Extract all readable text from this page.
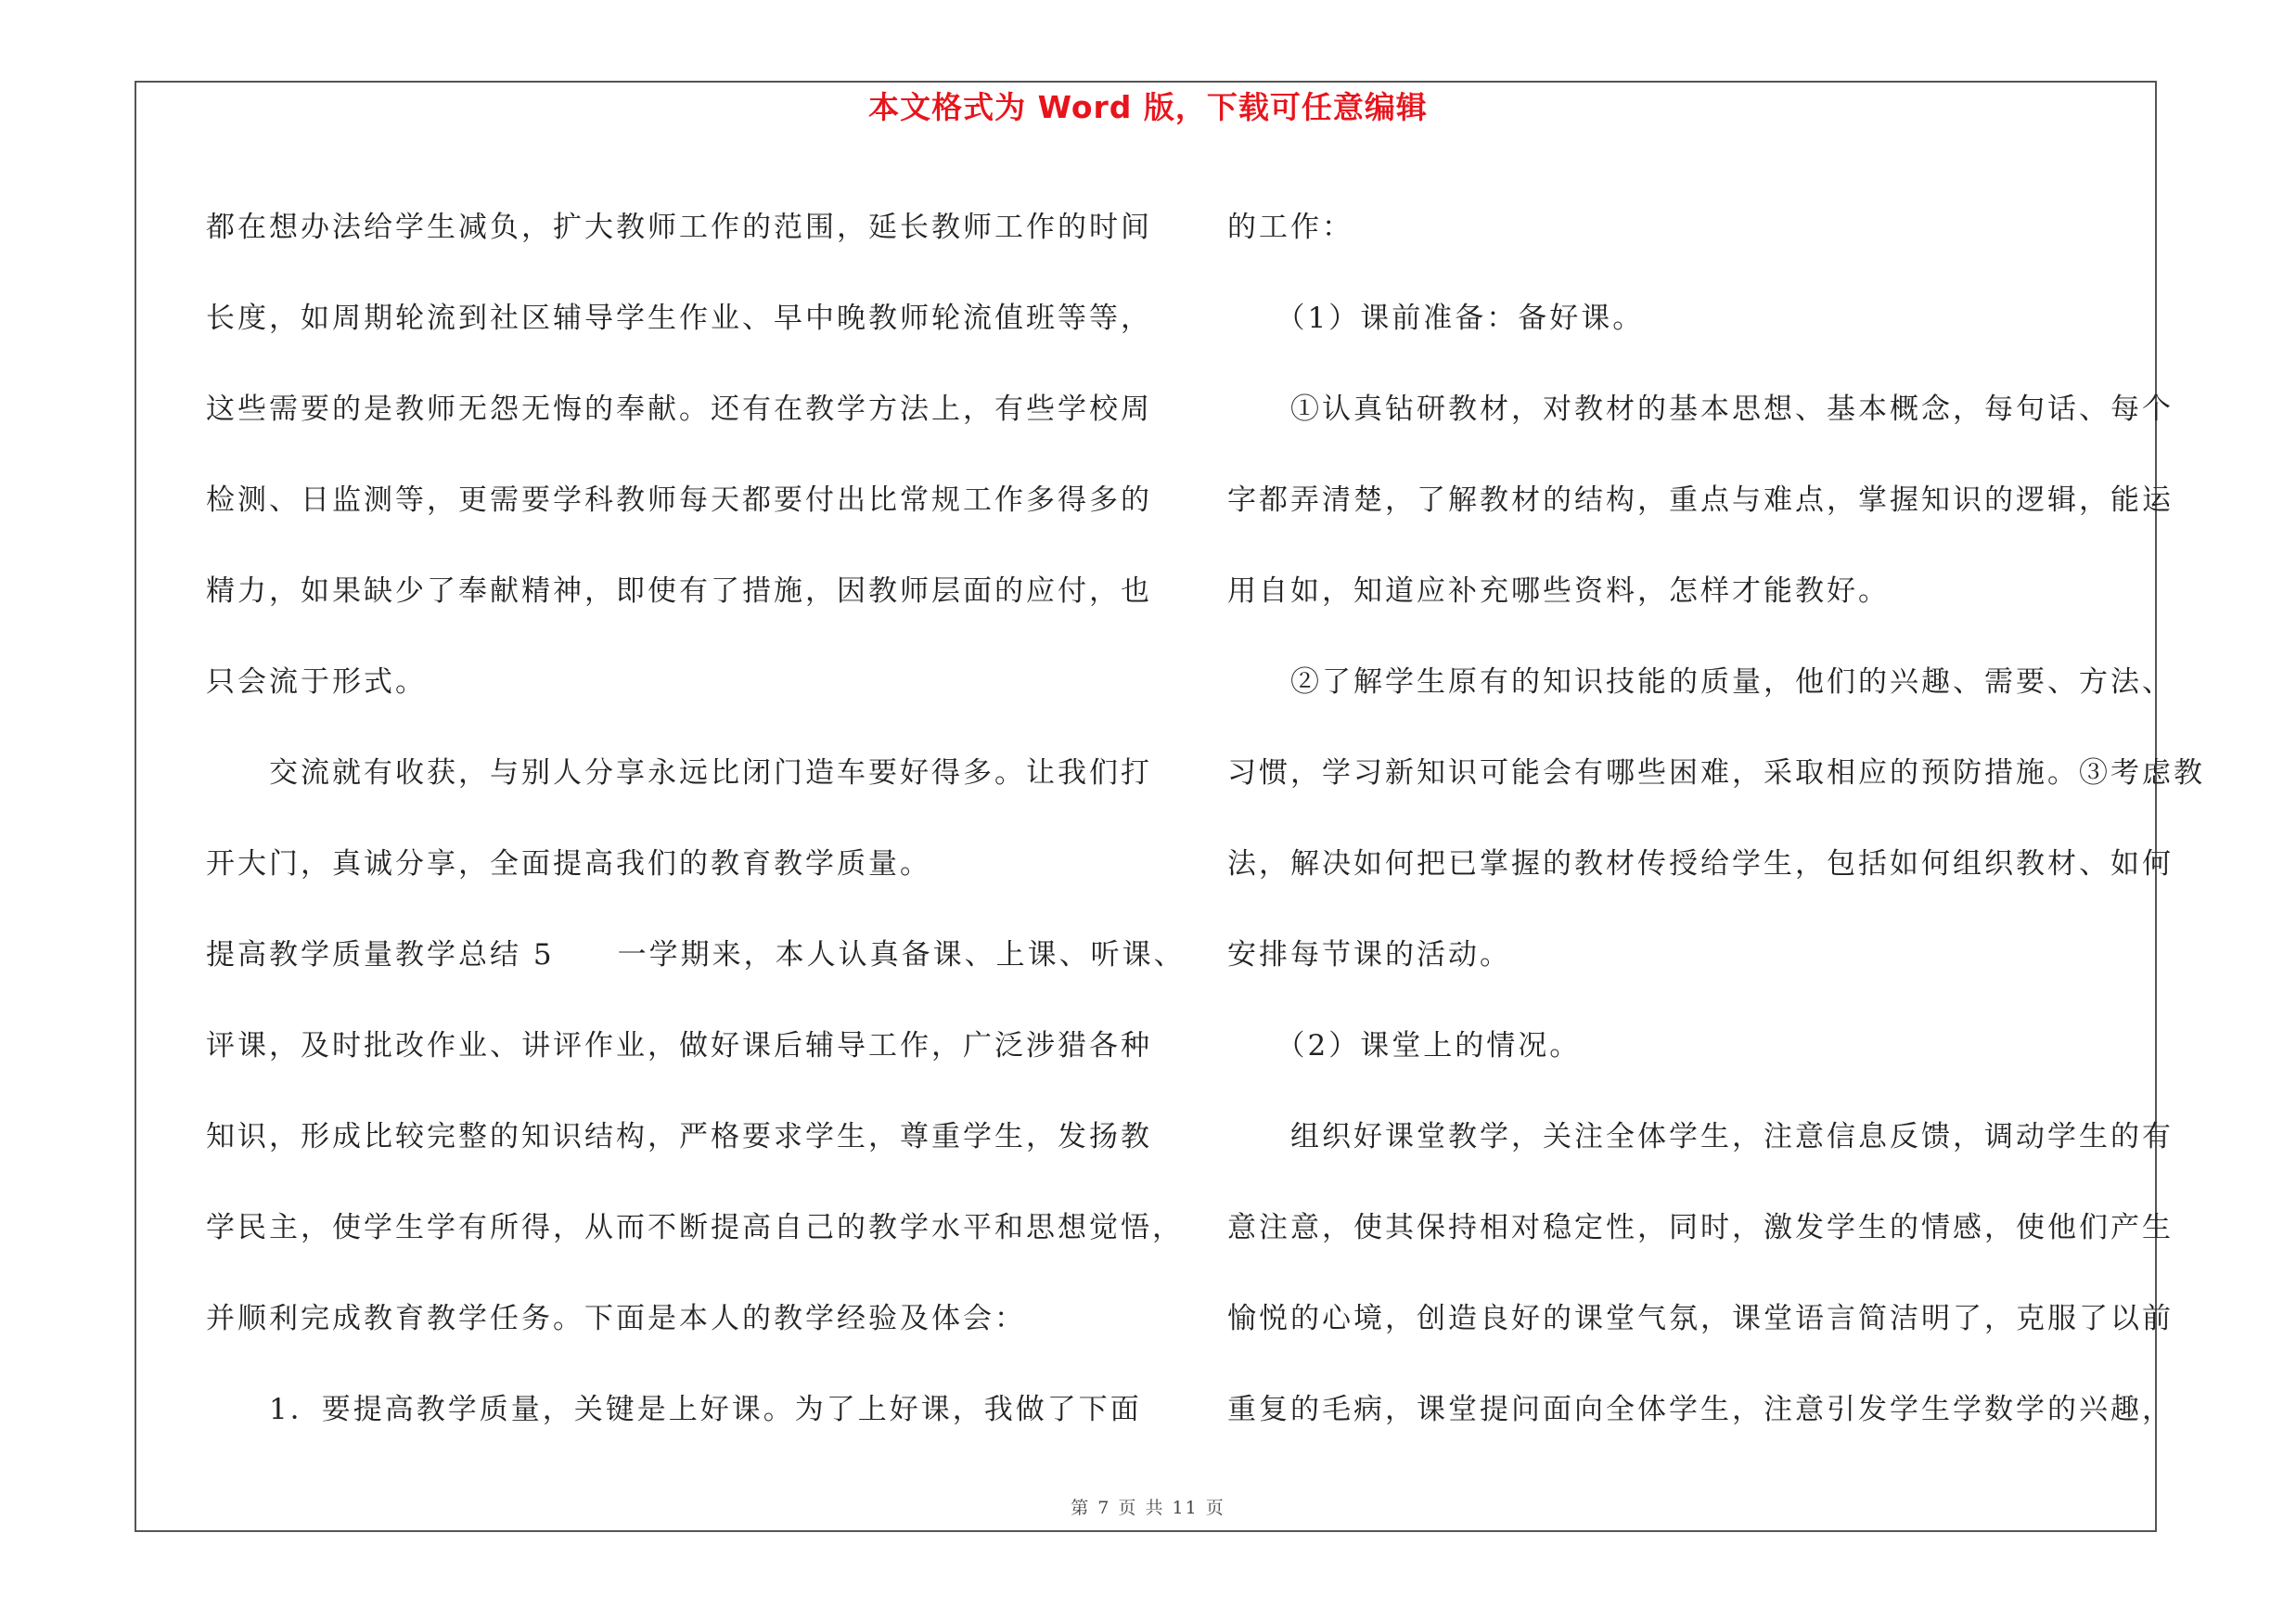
本文格式为 Word 版，下载可任意编辑
都在想办法给学生减负，扩大教师工作的范围，延长教师工作的时间
长度，如周期轮流到社区辅导学生作业、早中晚教师轮流值班等等，
这些需要的是教师无怨无悔的奉献。还有在教学方法上，有些学校周
检测、日监测等，更需要学科教师每天都要付出比常规工作多得多的
精力，如果缺少了奉献精神，即使有了措施，因教师层面的应付，也
只会流于形式。
　　交流就有收获，与别人分享永远比闭门造车要好得多。让我们打
开大门，真诚分享，全面提高我们的教育教学质量。
提高教学质量教学总结 5　　一学期来，本人认真备课、上课、听课、
评课，及时批改作业、讲评作业，做好课后辅导工作，广泛涉猎各种
知识，形成比较完整的知识结构，严格要求学生，尊重学生，发扬教
学民主，使学生学有所得，从而不断提高自己的教学水平和思想觉悟，
并顺利完成教育教学任务。下面是本人的教学经验及体会：
　　1．要提高教学质量，关键是上好课。为了上好课，我做了下面
的工作：
　　（1）课前准备：备好课。
　　①认真钻研教材，对教材的基本思想、基本概念，每句话、每个
字都弄清楚，了解教材的结构，重点与难点，掌握知识的逻辑，能运
用自如，知道应补充哪些资料，怎样才能教好。
　　②了解学生原有的知识技能的质量，他们的兴趣、需要、方法、
习惯，学习新知识可能会有哪些困难，采取相应的预防措施。③考虑教
法，解决如何把已掌握的教材传授给学生，包括如何组织教材、如何
安排每节课的活动。
　　（2）课堂上的情况。
　　组织好课堂教学，关注全体学生，注意信息反馈，调动学生的有
意注意，使其保持相对稳定性，同时，激发学生的情感，使他们产生
愉悦的心境，创造良好的课堂气氛，课堂语言简洁明了，克服了以前
重复的毛病，课堂提问面向全体学生，注意引发学生学数学的兴趣，
第 7 页 共 11 页
